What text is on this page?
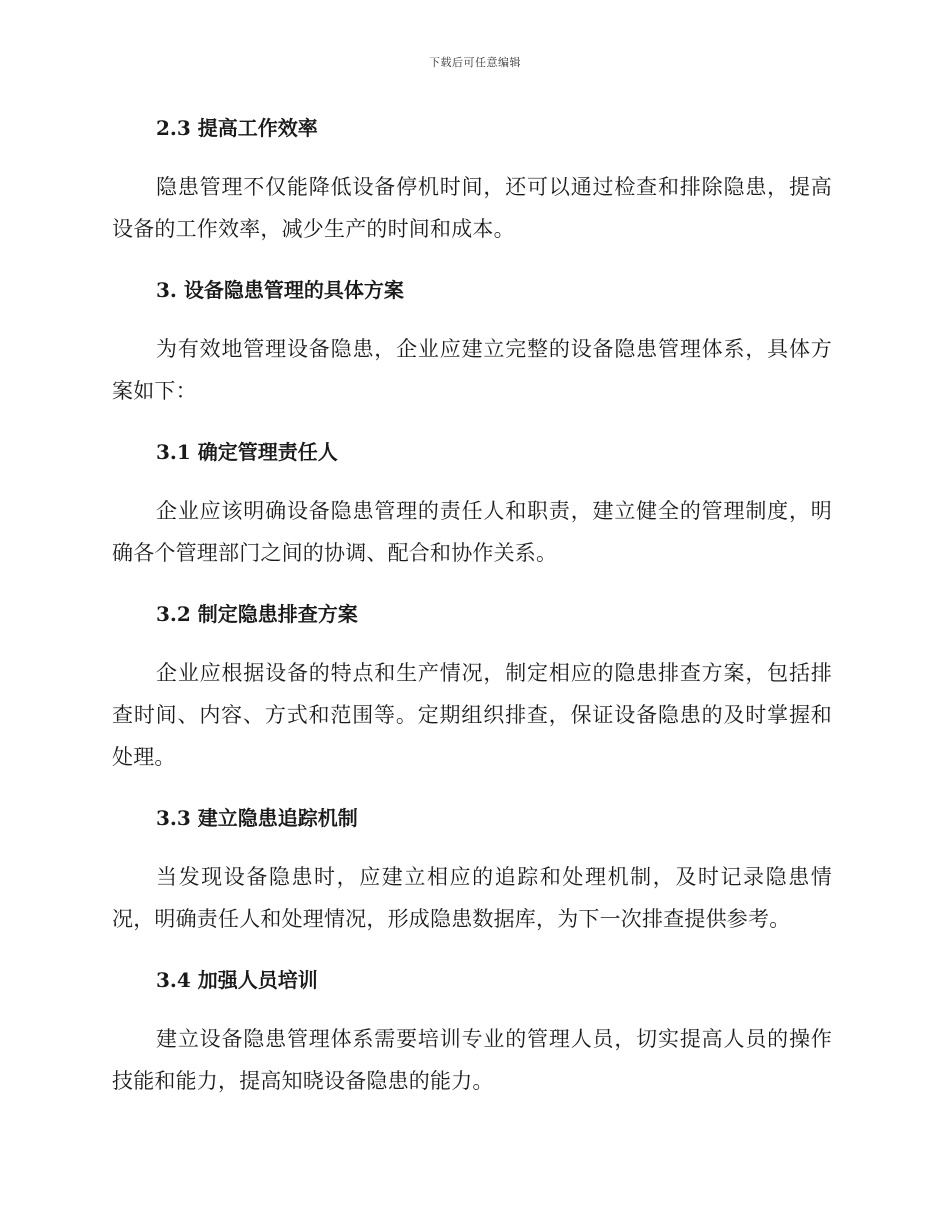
下载后可任意编辑
2.3 提高工作效率

隐患管理不仅能降低设备停机时间，还可以通过检查和排除隐患，提高设备的工作效率，减少生产的时间和成本。

3. 设备隐患管理的具体方案

为有效地管理设备隐患，企业应建立完整的设备隐患管理体系，具体方案如下：

3.1 确定管理责任人

企业应该明确设备隐患管理的责任人和职责，建立健全的管理制度，明确各个管理部门之间的协调、配合和协作关系。

3.2 制定隐患排查方案

企业应根据设备的特点和生产情况，制定相应的隐患排查方案，包括排查时间、内容、方式和范围等。定期组织排查，保证设备隐患的及时掌握和处理。

3.3 建立隐患追踪机制

当发现设备隐患时，应建立相应的追踪和处理机制，及时记录隐患情况，明确责任人和处理情况，形成隐患数据库，为下一次排查提供参考。

3.4 加强人员培训

建立设备隐患管理体系需要培训专业的管理人员，切实提高人员的操作技能和能力，提高知晓设备隐患的能力。
